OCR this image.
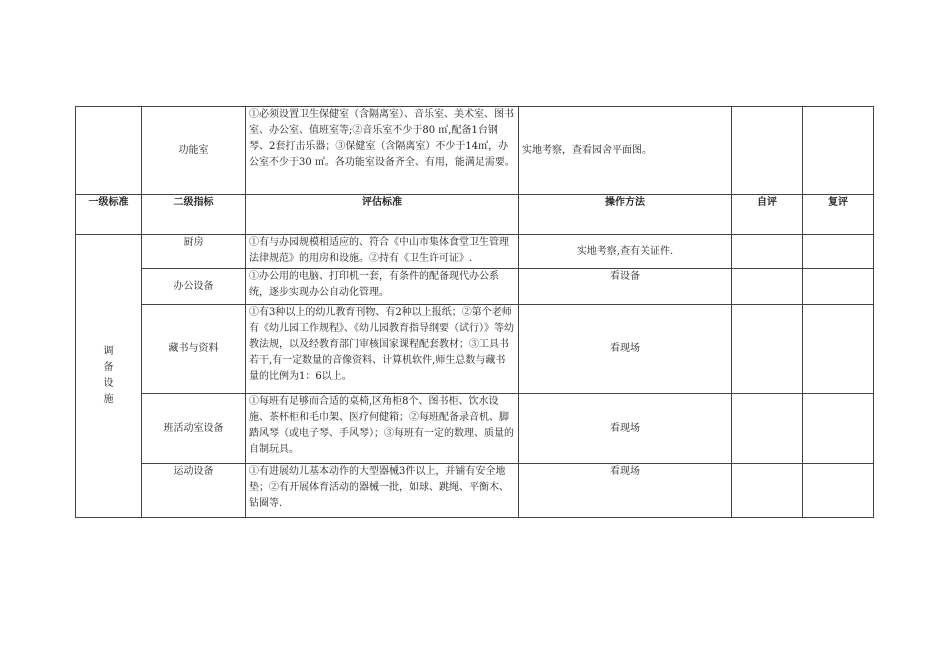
	功能室	①必须设置卫生保健室（含隔离室）、音乐室、美术室、图书室、办公室、值班室等;②音乐室不少于80 ㎡,配备1台钢琴、2套打击乐器；③保健室（含隔离室）不少于14㎡，办公室不少于30 ㎡。各功能室设备齐全、有用，能满足需要。	实地考察，查看园舍平面图。		
一级标准	二级指标	评估标准	操作方法	自评	复评

调
备
设
施	厨房	①有与办园规模相适应的、符合《中山市集体食堂卫生管理法律规范》的用房和设施。②持有《卫生许可证》.	实地考察,查有关证件.		
	办公设备	①办公用的电脑、打印机一套，有条件的配备现代办公系统，逐步实现办公自动化管理。	看设备		
	藏书与资料	①有3种以上的幼儿教育刊物、有2种以上报纸；②第个老师有《幼儿园工作规程》、《幼儿园教育指导纲要（试行）》等幼教法规，以及经教育部门审核国家课程配套教材；③工具书若干,有一定数量的音像资料、计算机软件,师生总数与藏书量的比例为1：6以上。	看现场		
	班活动室设备	①每班有足够而合适的桌椅,区角柜8个、图书柜、饮水设施、茶杯柜和毛巾架、医疗何健箱；②每班配备录音机、脚踏风琴（或电子琴、手风琴）；③每班有一定的数理、质量的自制玩具。	看现场		
	运动设备	①有进展幼儿基本动作的大型器械3件以上，并铺有安全地垫；②有开展体育活动的器械一批，如球、跳绳、平衡木、钻圈等.	看现场		
